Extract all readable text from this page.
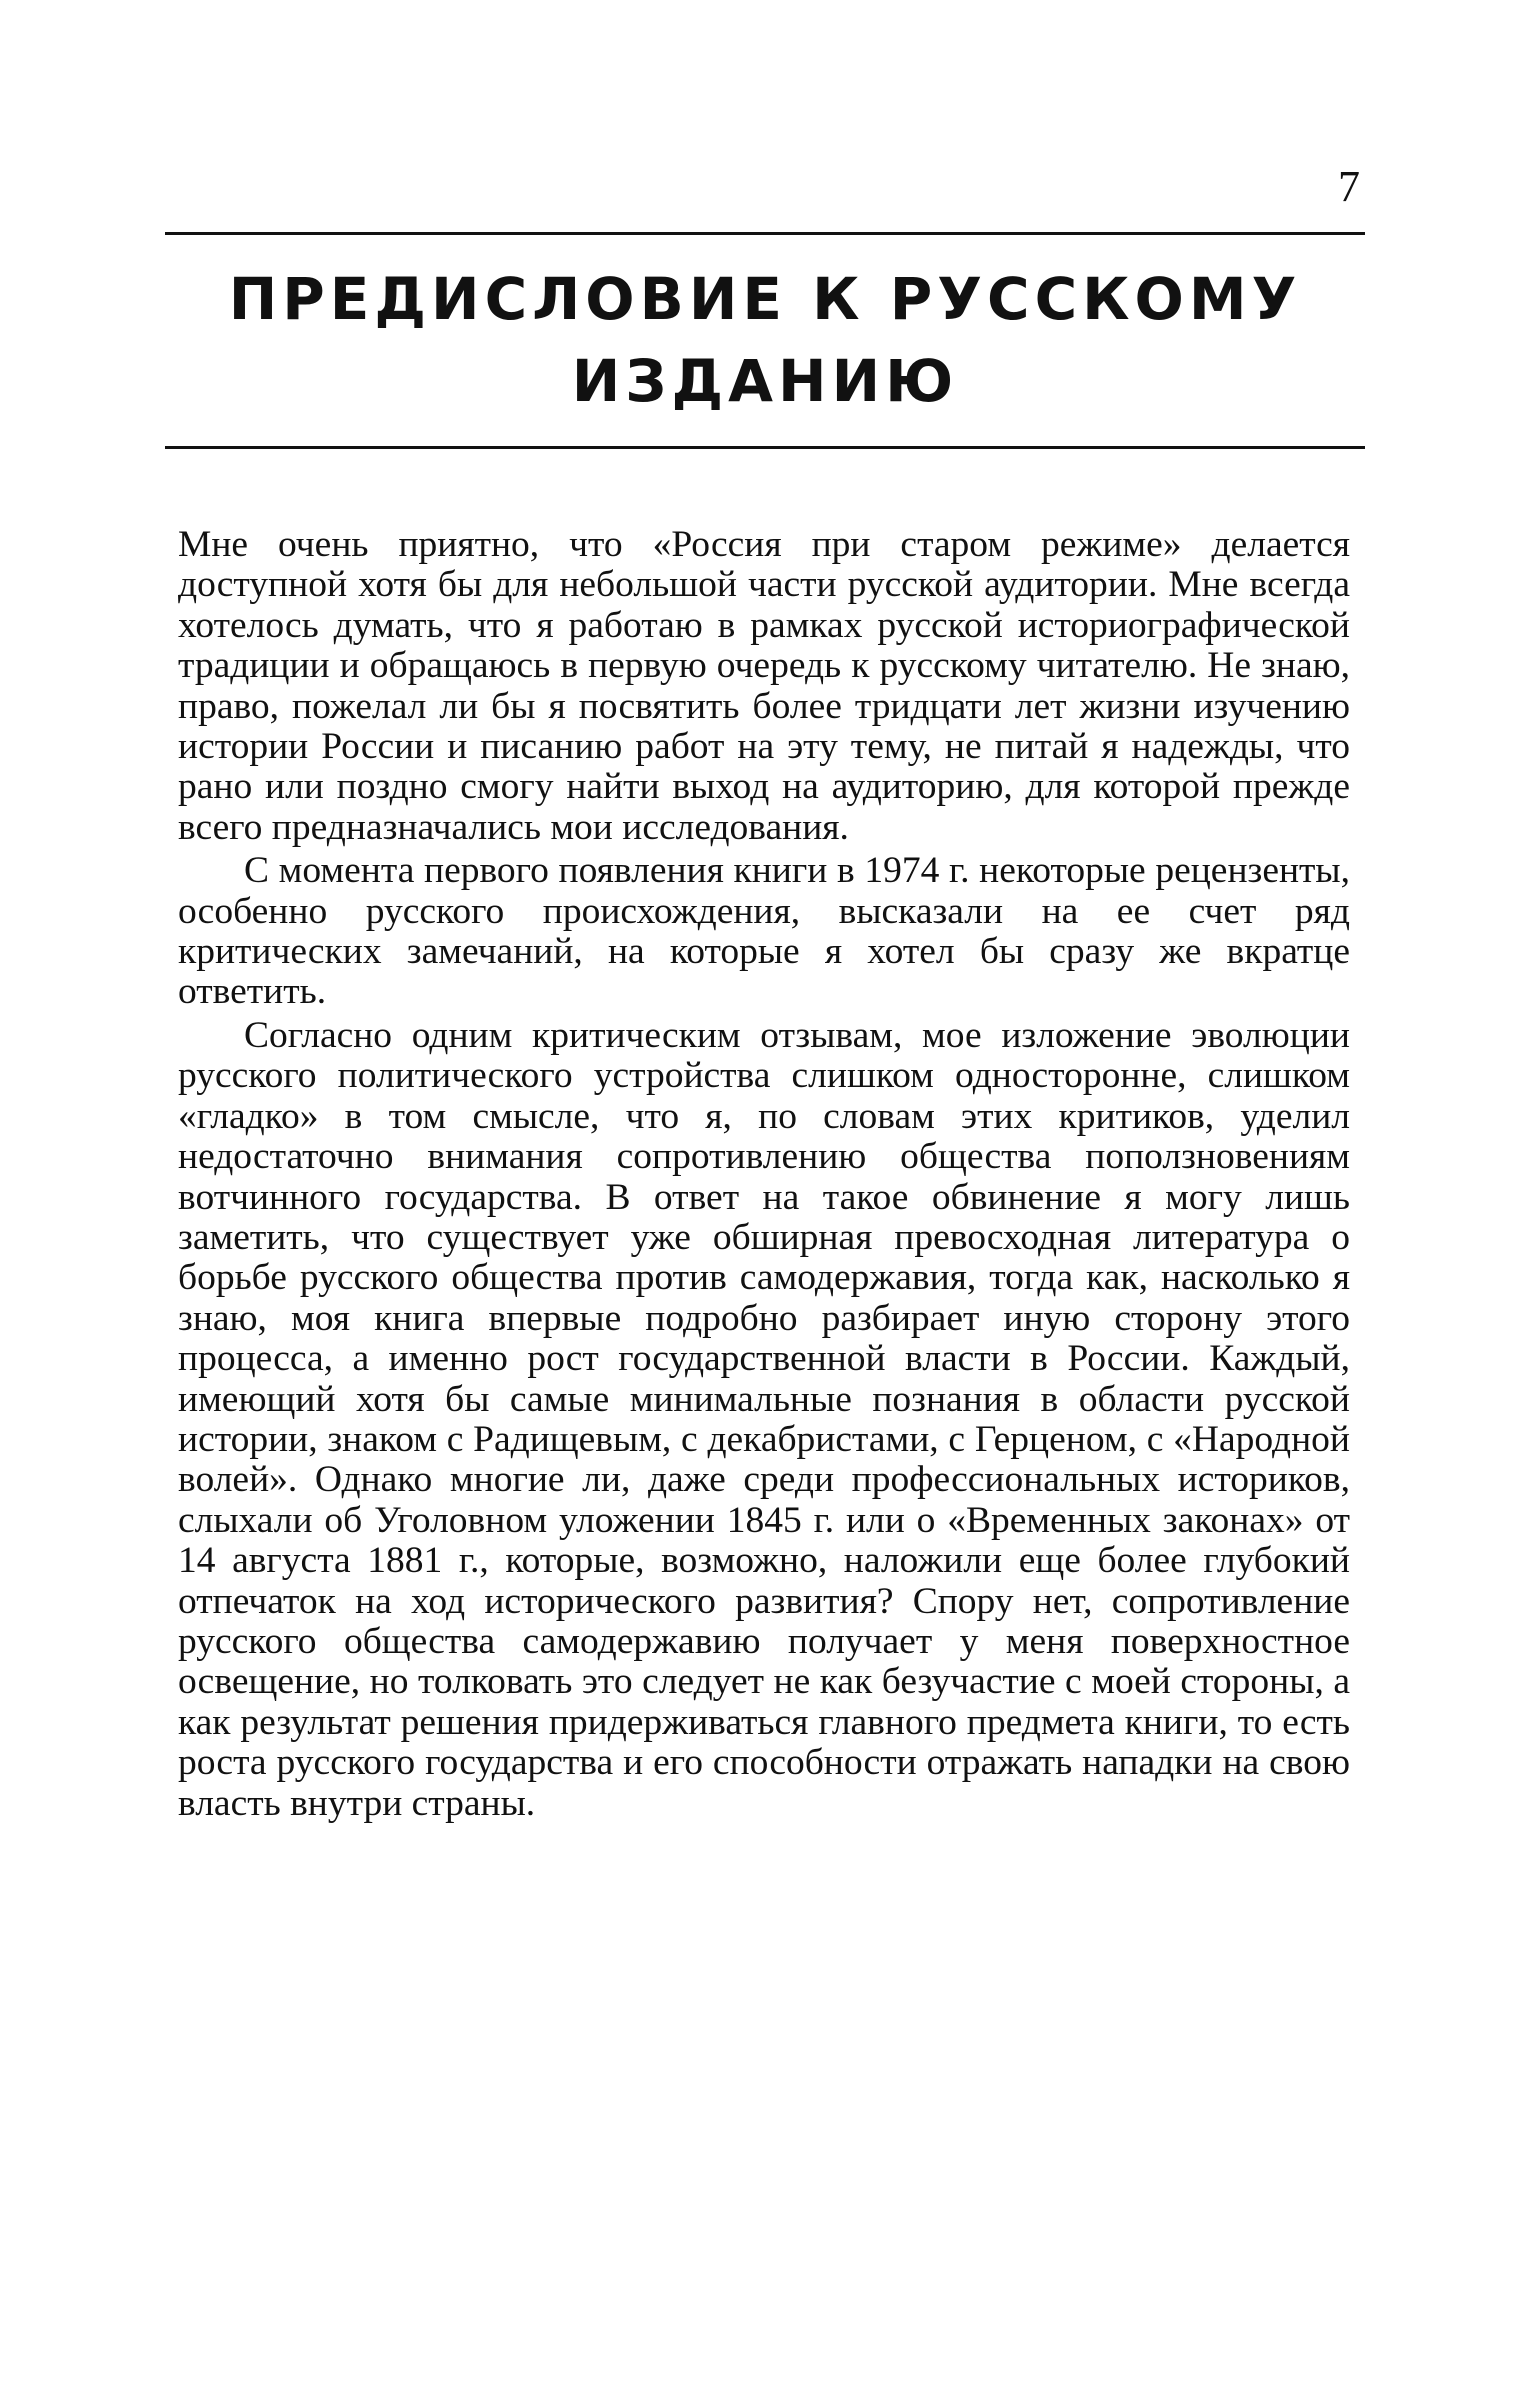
7
ПРЕДИСЛОВИЕ К РУССКОМУ
ИЗДАНИЮ

Мне очень приятно, что «Россия при старом режиме» делается доступной хотя бы для небольшой части русской аудитории. Мне всегда хотелось думать, что я работаю в рамках русской историографической традиции и обращаюсь в первую очередь к русскому читателю. Не знаю, право, пожелал ли бы я посвятить более тридцати лет жизни изучению истории России и писанию работ на эту тему, не питай я надежды, что рано или поздно смогу найти выход на аудиторию, для которой прежде всего предназначались мои исследования.

С момента первого появления книги в 1974 г. некоторые рецензенты, особенно русского происхождения, высказали на ее счет ряд критических замечаний, на которые я хотел бы сразу же вкратце ответить.

Согласно одним критическим отзывам, мое изложение эволюции русского политического устройства слишком односторонне, слишком «гладко» в том смысле, что я, по словам этих критиков, уделил недостаточно внимания сопротивлению общества поползновениям вотчинного государства. В ответ на такое обвинение я могу лишь заметить, что существует уже обширная превосходная литература о борьбе русского общества против самодержавия, тогда как, насколько я знаю, моя книга впервые подробно разбирает иную сторону этого процесса, а именно рост государственной власти в России. Каждый, имеющий хотя бы самые минимальные познания в области русской истории, знаком с Радищевым, с декабристами, с Герценом, с «Народной волей». Однако многие ли, даже среди профессиональных историков, слыхали об Уголовном уложении 1845 г. или о «Временных законах» от 14 августа 1881 г., которые, возможно, наложили еще более глубокий отпечаток на ход исторического развития? Спору нет, сопротивление русского общества самодержавию получает у меня поверхностное освещение, но толковать это следует не как безучастие с моей стороны, а как результат решения придерживаться главного предмета книги, то есть роста русского государства и его способности отражать нападки на свою власть внутри страны.
